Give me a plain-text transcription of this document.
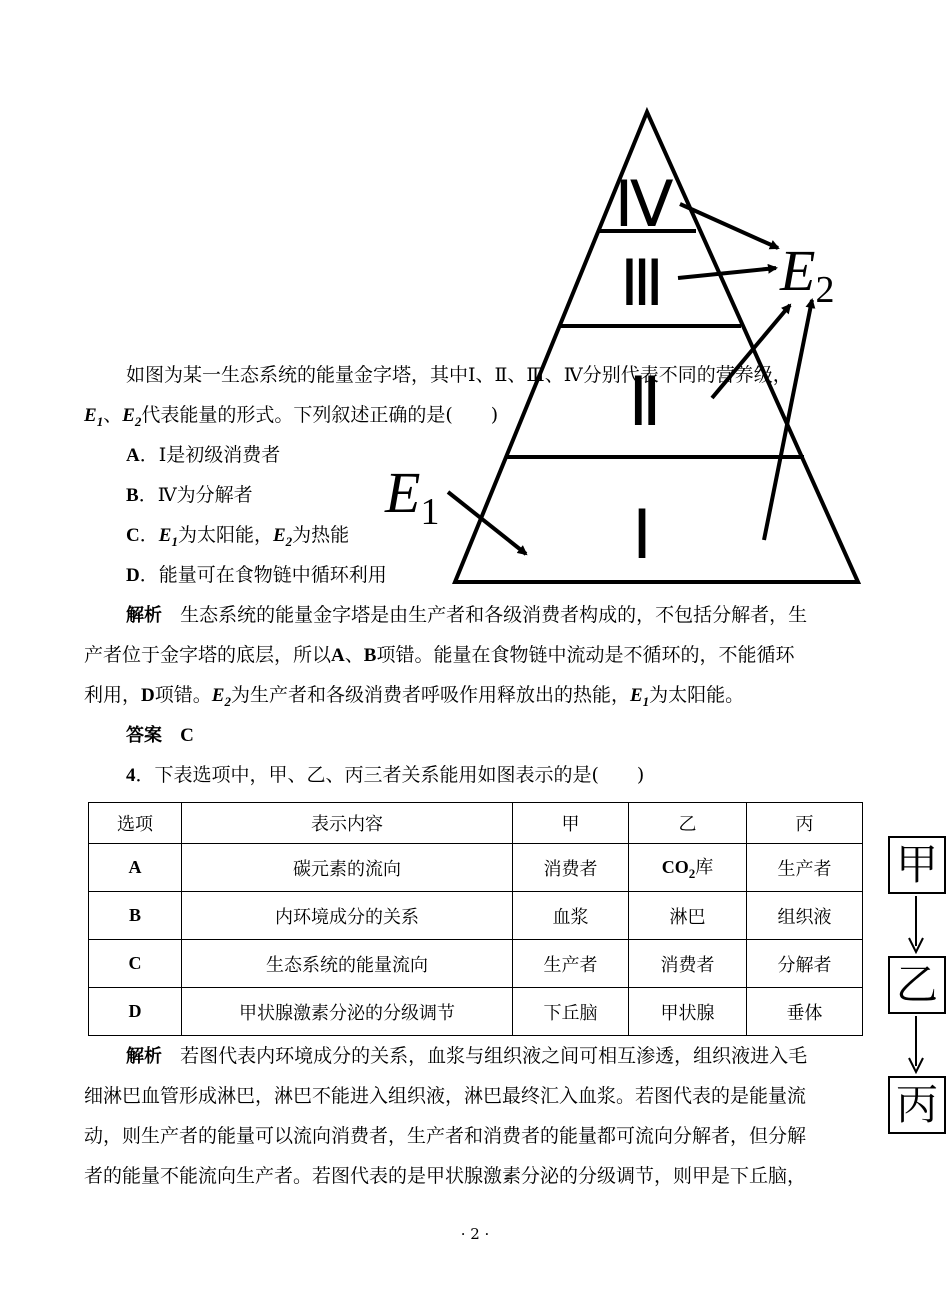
Ⅳ
Ⅲ
Ⅱ
Ⅰ
$E_2$
$E_1$
如图为某一生态系统的能量金字塔，其中Ⅰ、Ⅱ、Ⅲ、Ⅳ分别代表不同的营养级，
$E_1$、$E_2$代表能量的形式。下列叙述正确的是(　　)
A．Ⅰ是初级消费者
B．Ⅳ为分解者
C．$E_1$为太阳能，$E_2$为热能
D．能量可在食物链中循环利用
解析 生态系统的能量金字塔是由生产者和各级消费者构成的，不包括分解者，生
产者位于金字塔的底层，所以A、B项错。能量在食物链中流动是不循环的，不能循环
利用，D项错。$E_2$为生产者和各级消费者呼吸作用释放出的热能，$E_1$为太阳能。
答案 C
4．下表选项中，甲、乙、丙三者关系能用如图表示的是(　　)
选项	表示内容	甲	乙	丙
A	碳元素的流向	消费者	$CO_2$库	生产者
B	内环境成分的关系	血浆	淋巴	组织液
C	生态系统的能量流向	生产者	消费者	分解者
D	甲状腺激素分泌的分级调节	下丘脑	甲状腺	垂体
甲
乙
丙
解析 若图代表内环境成分的关系，血浆与组织液之间可相互渗透，组织液进入毛
细淋巴血管形成淋巴，淋巴不能进入组织液，淋巴最终汇入血浆。若图代表的是能量流
动，则生产者的能量可以流向消费者，生产者和消费者的能量都可流向分解者，但分解
者的能量不能流向生产者。若图代表的是甲状腺激素分泌的分级调节，则甲是下丘脑，
· 2 ·
